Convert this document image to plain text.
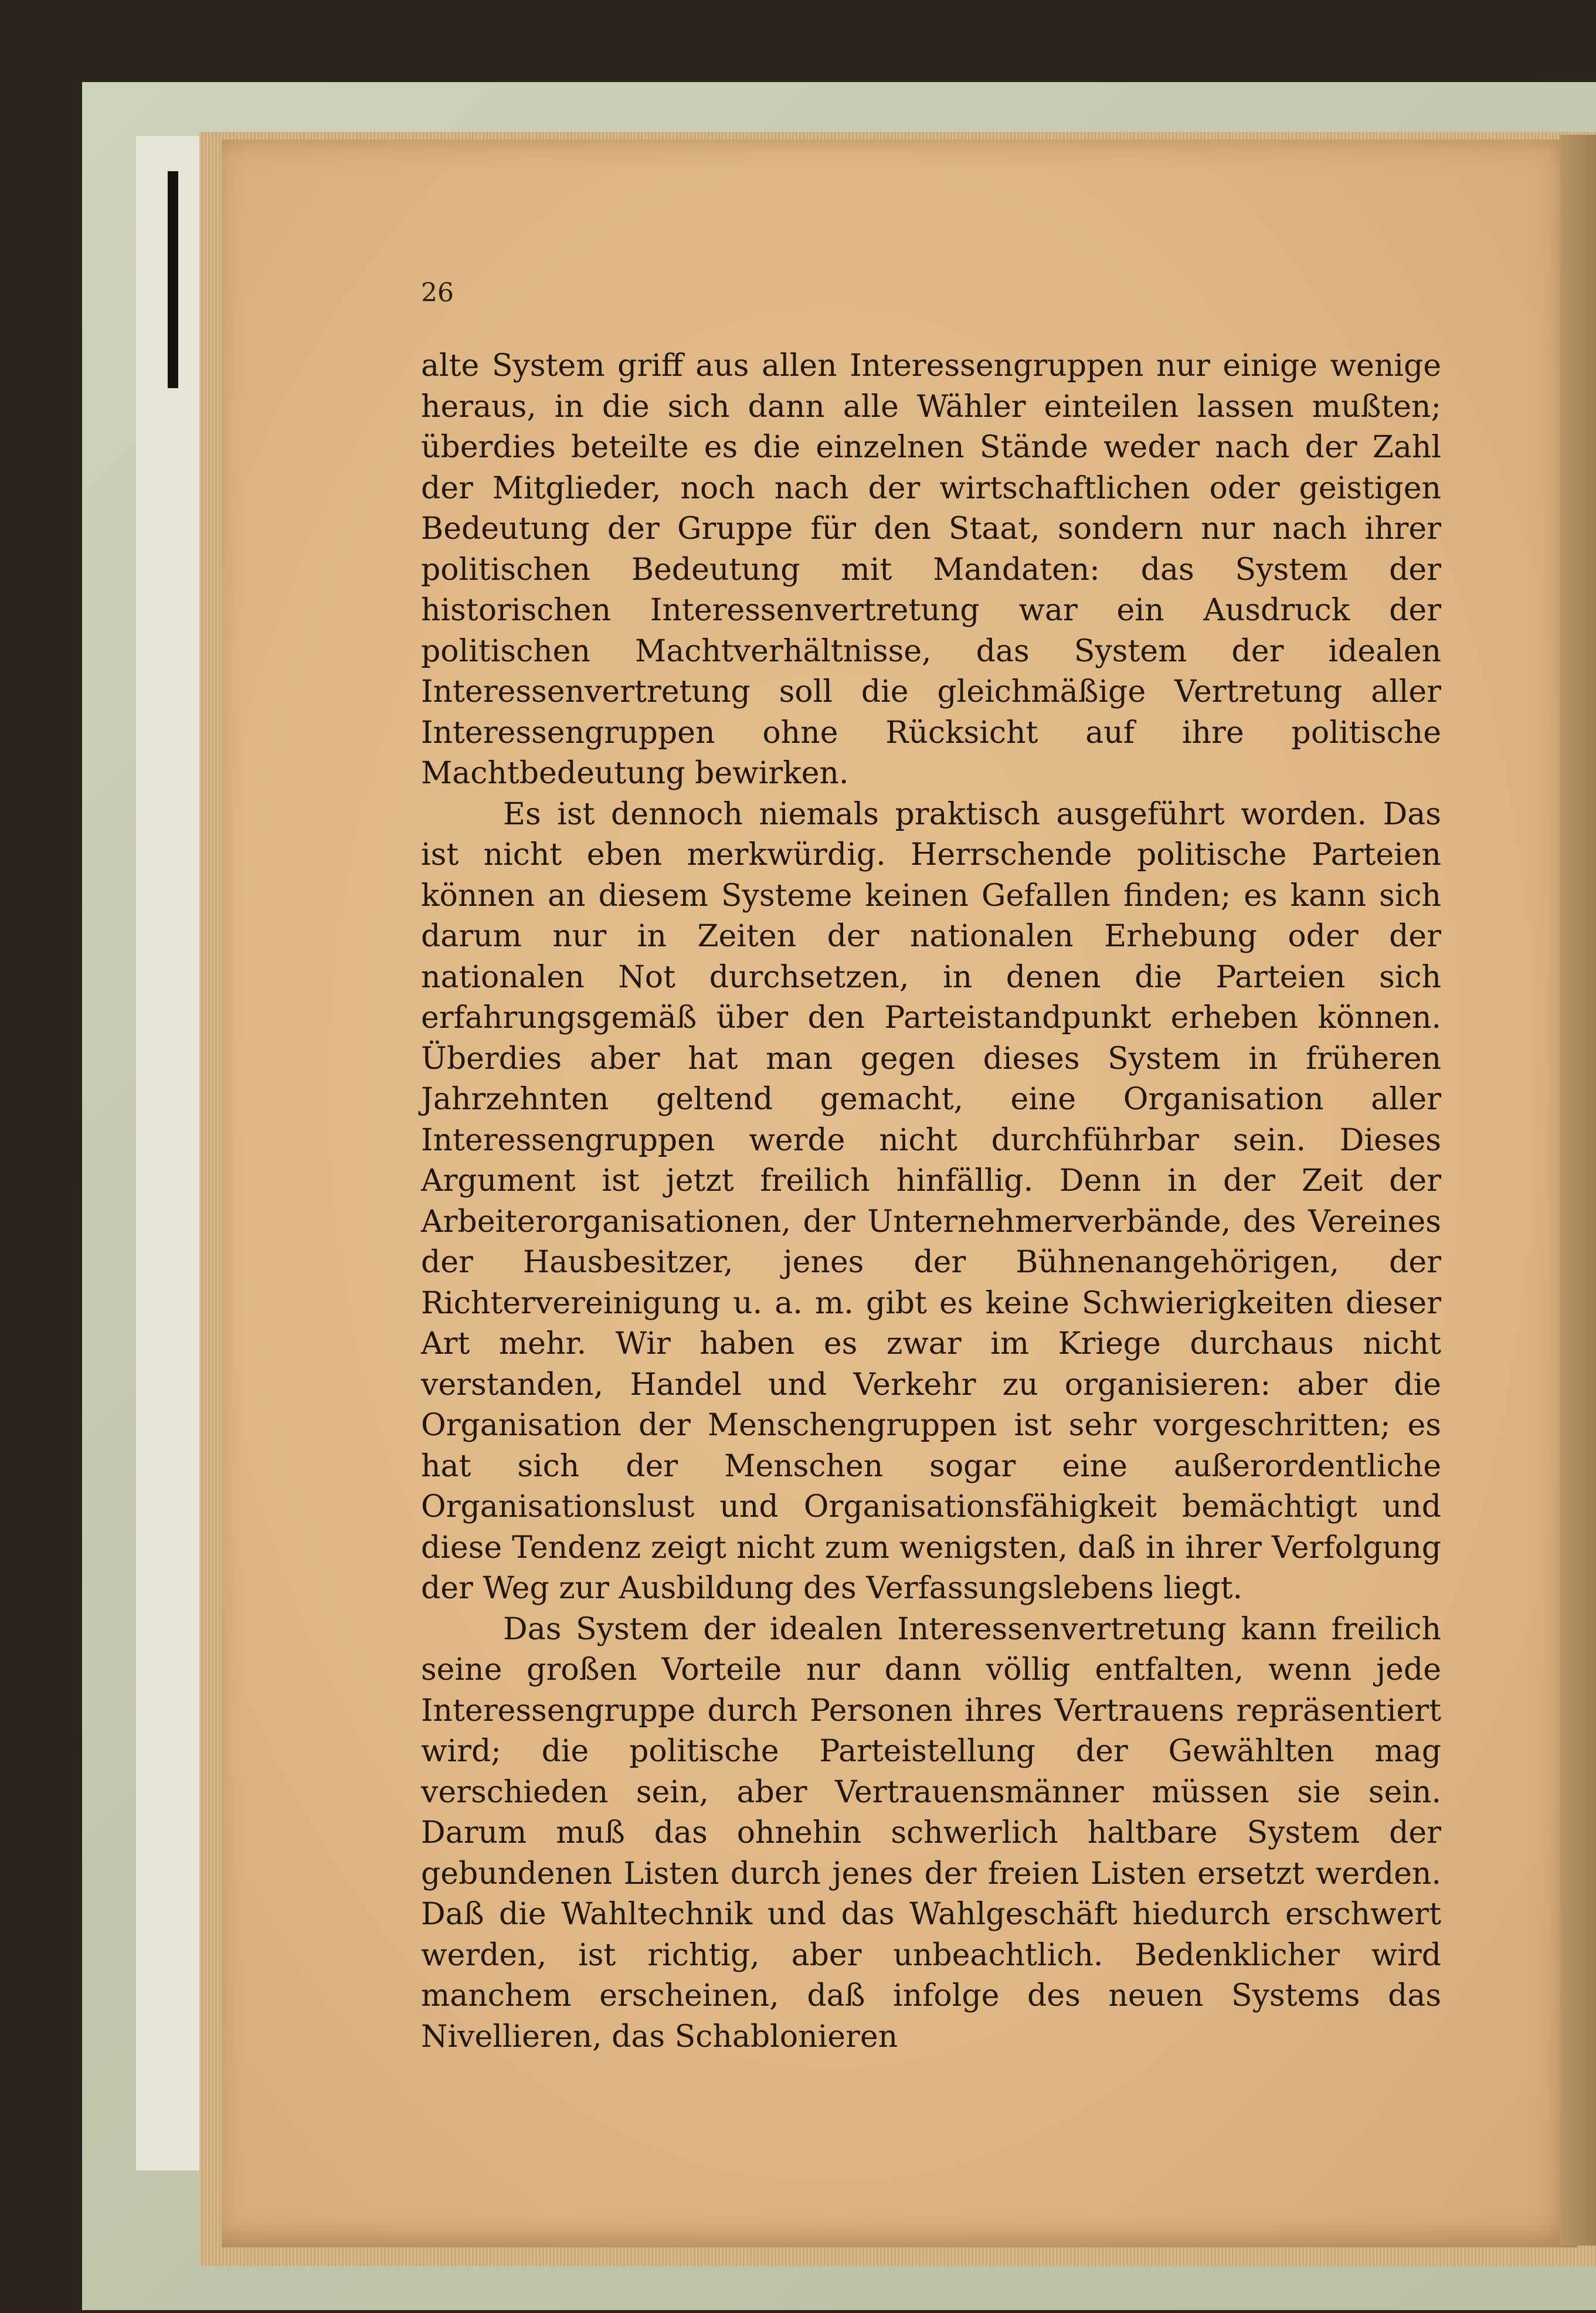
26

alte System griff aus allen Interessengruppen nur einige wenige heraus, in die sich dann alle Wähler einteilen lassen mußten; überdies beteilte es die einzelnen Stände weder nach der Zahl der Mitglieder, noch nach der wirtschaftlichen oder geistigen Bedeutung der Gruppe für den Staat, sondern nur nach ihrer politischen Bedeutung mit Mandaten: das System der historischen Interessenvertretung war ein Ausdruck der politischen Machtverhältnisse, das System der idealen Interessenvertretung soll die gleichmäßige Vertretung aller Interessengruppen ohne Rücksicht auf ihre politische Machtbedeutung bewirken.

Es ist dennoch niemals praktisch ausgeführt worden. Das ist nicht eben merkwürdig. Herrschende politische Parteien können an diesem Systeme keinen Gefallen finden; es kann sich darum nur in Zeiten der nationalen Erhebung oder der nationalen Not durchsetzen, in denen die Parteien sich erfahrungsgemäß über den Parteistandpunkt erheben können. Überdies aber hat man gegen dieses System in früheren Jahrzehnten geltend gemacht, eine Organisation aller Interessengruppen werde nicht durchführbar sein. Dieses Argument ist jetzt freilich hinfällig. Denn in der Zeit der Arbeiterorganisationen, der Unternehmerverbände, des Vereines der Hausbesitzer, jenes der Bühnenangehörigen, der Richtervereinigung u. a. m. gibt es keine Schwierigkeiten dieser Art mehr. Wir haben es zwar im Kriege durchaus nicht verstanden, Handel und Verkehr zu organisieren: aber die Organisation der Menschengruppen ist sehr vorgeschritten; es hat sich der Menschen sogar eine außerordentliche Organisationslust und Organisationsfähigkeit bemächtigt und diese Tendenz zeigt nicht zum wenigsten, daß in ihrer Verfolgung der Weg zur Ausbildung des Verfassungslebens liegt.

Das System der idealen Interessenvertretung kann freilich seine großen Vorteile nur dann völlig entfalten, wenn jede Interessengruppe durch Personen ihres Vertrauens repräsentiert wird; die politische Parteistellung der Gewählten mag verschieden sein, aber Vertrauensmänner müssen sie sein. Darum muß das ohnehin schwerlich haltbare System der gebundenen Listen durch jenes der freien Listen ersetzt werden. Daß die Wahltechnik und das Wahlgeschäft hiedurch erschwert werden, ist richtig, aber unbeachtlich. Bedenklicher wird manchem erscheinen, daß infolge des neuen Systems das Nivellieren, das Schablonieren
